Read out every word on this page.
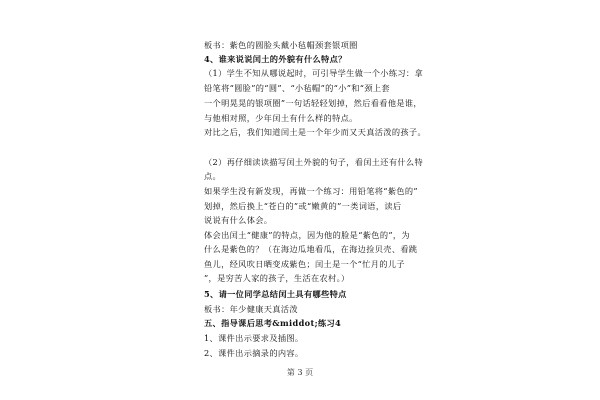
板书：紫色的圆脸头戴小毡帽颈套银项圈
4、谁来说说闰土的外貌有什么特点？
（1）学生不知从哪说起时，可引导学生做一个小练习：拿
铅笔将“圆脸”的“圆”、“小毡帽”的“小”和“颈上套
一个明晃晃的银项圈”一句话轻轻划掉，然后看看他是谁，
与他相对照，少年闰土有什么样的特点。
对比之后，我们知道闰土是一个年少而又天真活泼的孩子。
（2）再仔细读读描写闰土外貌的句子，看闰土还有什么特
点。
如果学生没有新发现，再做一个练习：用铅笔将“紫色的”
划掉，然后换上“苍白的”或“嫩黄的”一类词语，读后
说说有什么体会。
体会出闰土“健康”的特点，因为他的脸是“紫色的”，为
什么是紫色的？（在海边瓜地看瓜，在海边捡贝壳、看跳
鱼儿，经风吹日晒变成紫色；闰土是一个“忙月的儿子
”，是穷苦人家的孩子，生活在农村。）
5、请一位同学总结闰土具有哪些特点
板书：年少健康天真活泼
五、指导课后思考&middot;练习4
1、课件出示要求及插图。
2、课件出示摘录的内容。
第 3 页
